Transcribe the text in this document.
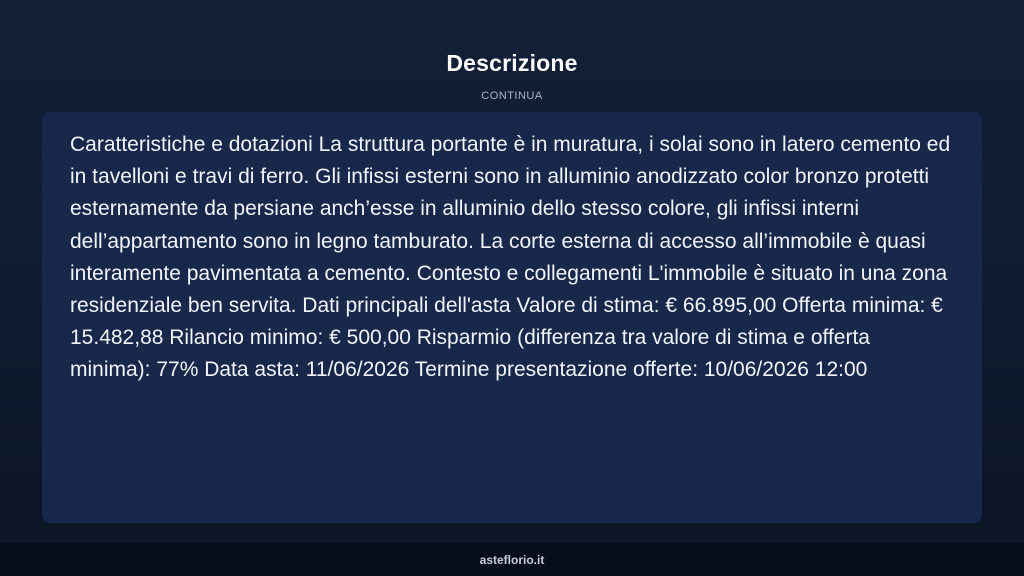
Descrizione
CONTINUA

Caratteristiche e dotazioni La struttura portante è in muratura, i solai sono in latero cemento ed in tavelloni e travi di ferro. Gli infissi esterni sono in alluminio anodizzato color bronzo protetti esternamente da persiane anch’esse in alluminio dello stesso colore, gli infissi interni dell’appartamento sono in legno tamburato. La corte esterna di accesso all’immobile è quasi interamente pavimentata a cemento. Contesto e collegamenti L'immobile è situato in una zona residenziale ben servita. Dati principali dell'asta Valore di stima: € 66.895,00 Offerta minima: € 15.482,88 Rilancio minimo: € 500,00 Risparmio (differenza tra valore di stima e offerta minima): 77% Data asta: 11/06/2026 Termine presentazione offerte: 10/06/2026 12:00

asteflorio.it
